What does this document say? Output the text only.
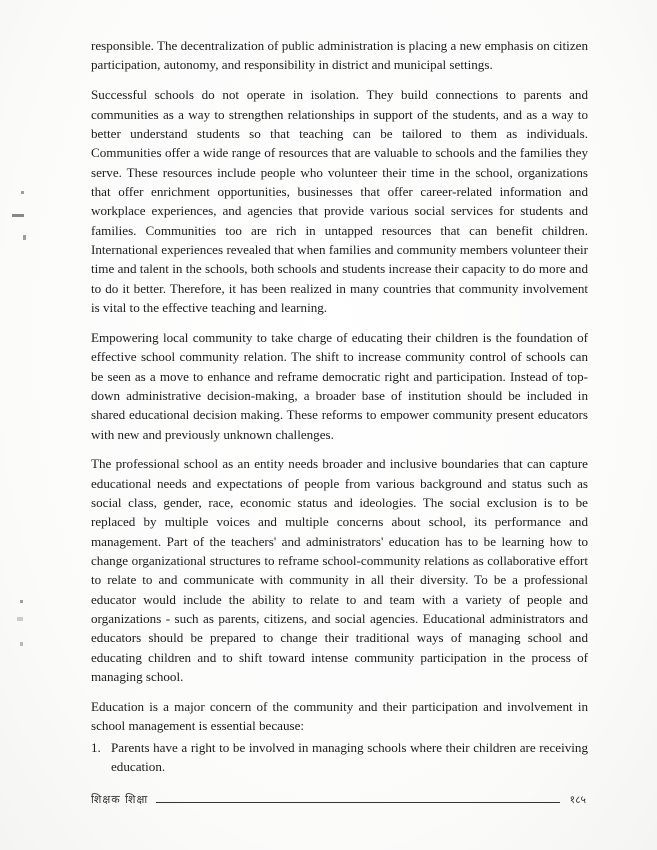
responsible. The decentralization of public administration is placing a new emphasis on citizen participation, autonomy, and responsibility in district and municipal settings.

Successful schools do not operate in isolation. They build connections to parents and communities as a way to strengthen relationships in support of the students, and as a way to better understand students so that teaching can be tailored to them as individuals. Communities offer a wide range of resources that are valuable to schools and the families they serve. These resources include people who volunteer their time in the school, organizations that offer enrichment opportunities, businesses that offer career-related information and workplace experiences, and agencies that provide various social services for students and families. Communities too are rich in untapped resources that can benefit children. International experiences revealed that when families and community members volunteer their time and talent in the schools, both schools and students increase their capacity to do more and to do it better. Therefore, it has been realized in many countries that community involvement is vital to the effective teaching and learning.

Empowering local community to take charge of educating their children is the foundation of effective school community relation. The shift to increase community control of schools can be seen as a move to enhance and reframe democratic right and participation. Instead of top-down administrative decision-making, a broader base of institution should be included in shared educational decision making. These reforms to empower community present educators with new and previously unknown challenges.

The professional school as an entity needs broader and inclusive boundaries that can capture educational needs and expectations of people from various background and status such as social class, gender, race, economic status and ideologies. The social exclusion is to be replaced by multiple voices and multiple concerns about school, its performance and management. Part of the teachers' and administrators' education has to be learning how to change organizational structures to reframe school-community relations as collaborative effort to relate to and communicate with community in all their diversity. To be a professional educator would include the ability to relate to and team with a variety of people and organizations - such as parents, citizens, and social agencies. Educational administrators and educators should be prepared to change their traditional ways of managing school and educating children and to shift toward intense community participation in the process of managing school.

Education is a major concern of the community and their participation and involvement in school management is essential because:

1. Parents have a right to be involved in managing schools where their children are receiving education.
शिक्षक शिक्षा	१८५
